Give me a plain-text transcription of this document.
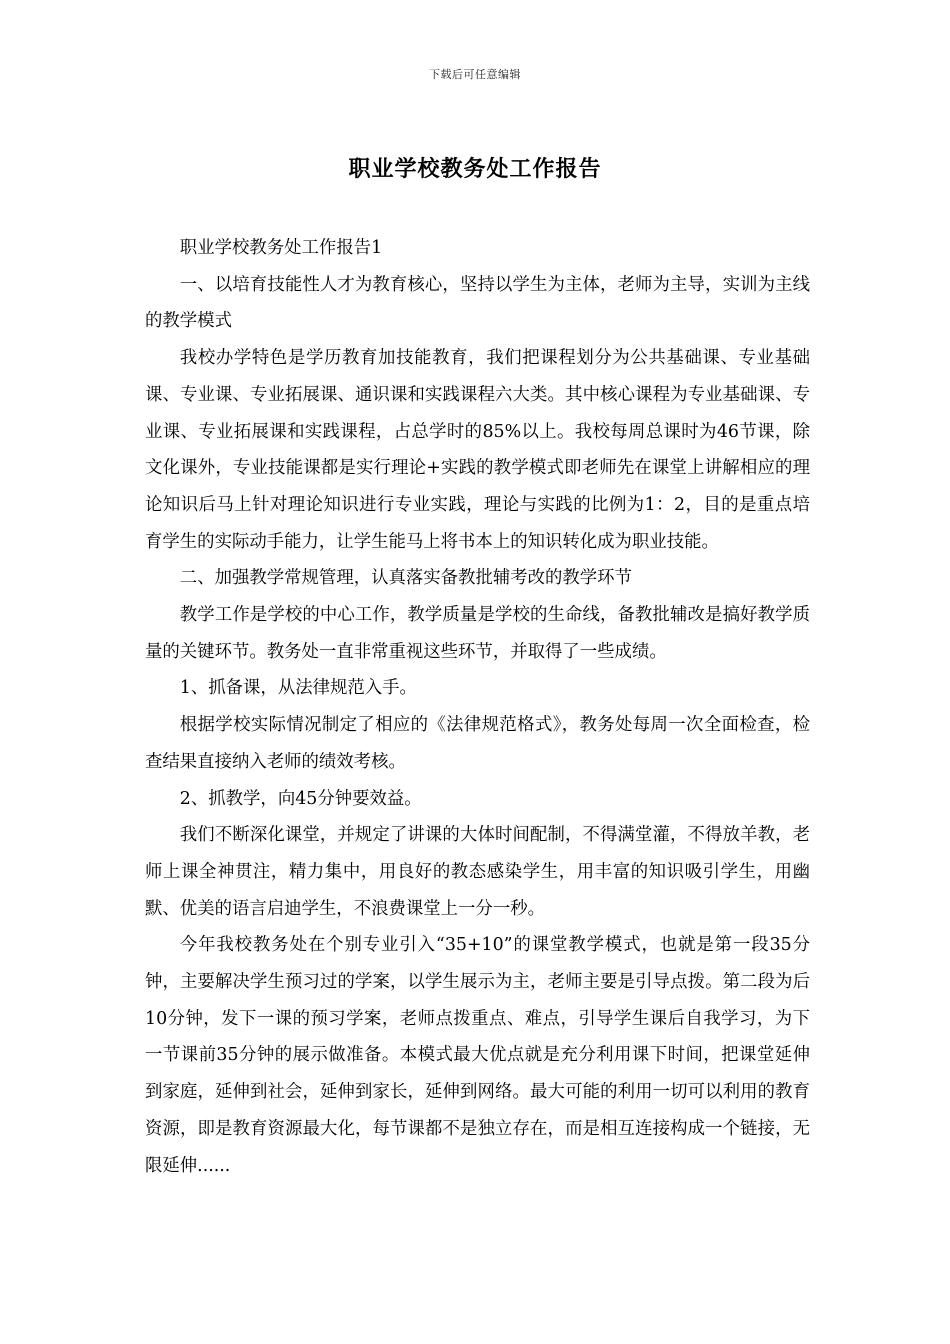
下载后可任意编辑
职业学校教务处工作报告

职业学校教务处工作报告1

一、以培育技能性人才为教育核心，坚持以学生为主体，老师为主导，实训为主线的教学模式

我校办学特色是学历教育加技能教育，我们把课程划分为公共基础课、专业基础课、专业课、专业拓展课、通识课和实践课程六大类。其中核心课程为专业基础课、专业课、专业拓展课和实践课程，占总学时的85%以上。我校每周总课时为46节课，除文化课外，专业技能课都是实行理论+实践的教学模式即老师先在课堂上讲解相应的理论知识后马上针对理论知识进行专业实践，理论与实践的比例为1：2，目的是重点培育学生的实际动手能力，让学生能马上将书本上的知识转化成为职业技能。

二、加强教学常规管理，认真落实备教批辅考改的教学环节

教学工作是学校的中心工作，教学质量是学校的生命线，备教批辅改是搞好教学质量的关键环节。教务处一直非常重视这些环节，并取得了一些成绩。

1、抓备课，从法律规范入手。

根据学校实际情况制定了相应的《法律规范格式》，教务处每周一次全面检查，检查结果直接纳入老师的绩效考核。

2、抓教学，向45分钟要效益。

我们不断深化课堂，并规定了讲课的大体时间配制，不得满堂灌，不得放羊教，老师上课全神贯注，精力集中，用良好的教态感染学生，用丰富的知识吸引学生，用幽默、优美的语言启迪学生，不浪费课堂上一分一秒。

今年我校教务处在个别专业引入“35+10”的课堂教学模式，也就是第一段35分钟，主要解决学生预习过的学案，以学生展示为主，老师主要是引导点拨。第二段为后10分钟，发下一课的预习学案，老师点拨重点、难点，引导学生课后自我学习，为下一节课前35分钟的展示做准备。本模式最大优点就是充分利用课下时间，把课堂延伸到家庭，延伸到社会，延伸到家长，延伸到网络。最大可能的利用一切可以利用的教育资源，即是教育资源最大化，每节课都不是独立存在，而是相互连接构成一个链接，无限延伸......
